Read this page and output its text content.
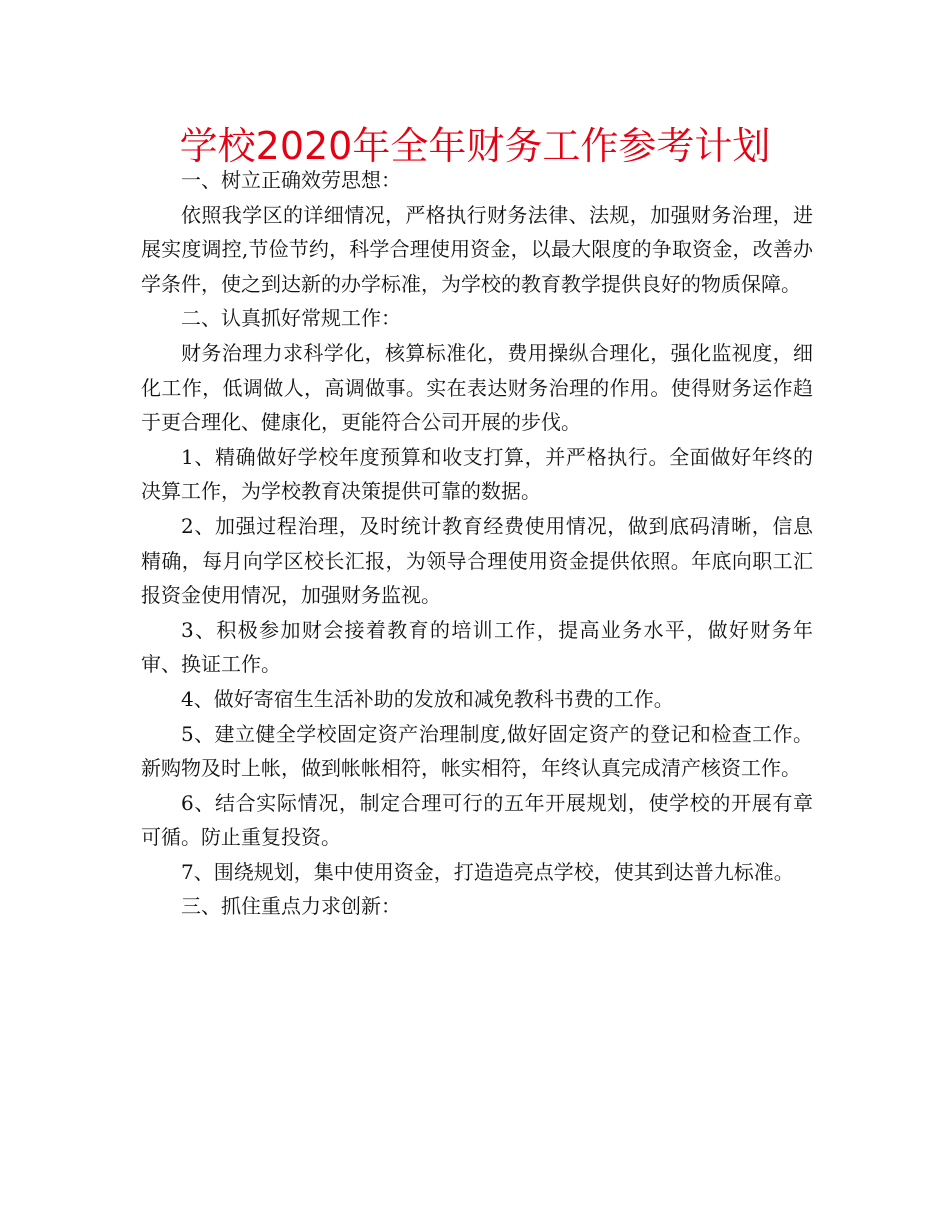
学校2020年全年财务工作参考计划

一、树立正确效劳思想：

依照我学区的详细情况，严格执行财务法律、法规，加强财务治理，进展实度调控,节俭节约，科学合理使用资金，以最大限度的争取资金，改善办学条件，使之到达新的办学标准，为学校的教育教学提供良好的物质保障。

二、认真抓好常规工作：

财务治理力求科学化，核算标准化，费用操纵合理化，强化监视度，细化工作，低调做人，高调做事。实在表达财务治理的作用。使得财务运作趋于更合理化、健康化，更能符合公司开展的步伐。

1、精确做好学校年度预算和收支打算，并严格执行。全面做好年终的决算工作，为学校教育决策提供可靠的数据。

2、加强过程治理，及时统计教育经费使用情况，做到底码清晰，信息精确，每月向学区校长汇报，为领导合理使用资金提供依照。年底向职工汇报资金使用情况，加强财务监视。

3、积极参加财会接着教育的培训工作，提高业务水平，做好财务年审、换证工作。

4、做好寄宿生生活补助的发放和减免教科书费的工作。

5、建立健全学校固定资产治理制度,做好固定资产的登记和检查工作。新购物及时上帐，做到帐帐相符，帐实相符，年终认真完成清产核资工作。

6、结合实际情况，制定合理可行的五年开展规划，使学校的开展有章可循。防止重复投资。

7、围绕规划，集中使用资金，打造造亮点学校，使其到达普九标准。

三、抓住重点力求创新：
